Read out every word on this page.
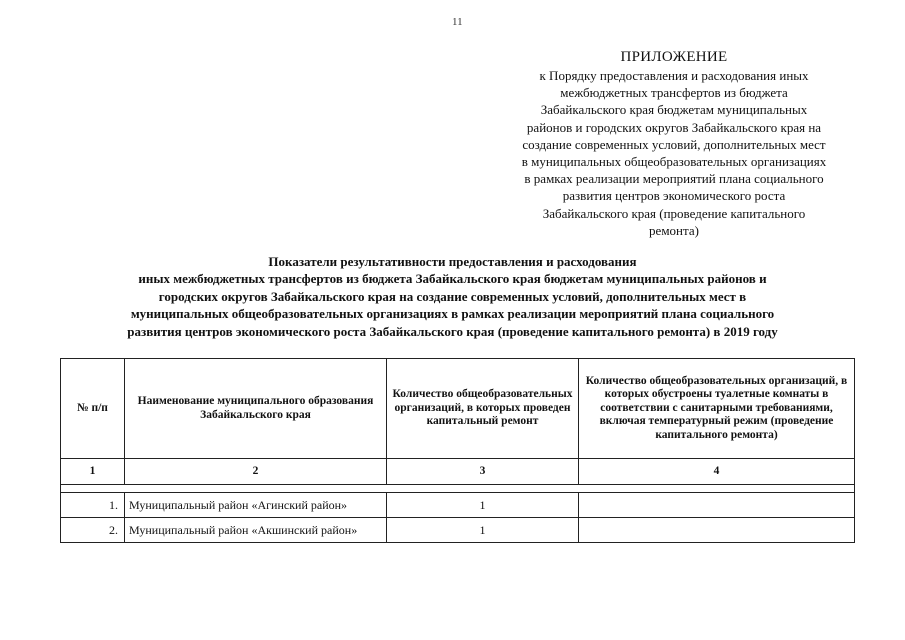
11
ПРИЛОЖЕНИЕ
к Порядку предоставления и расходования иных
межбюджетных трансфертов из бюджета
Забайкальского края бюджетам муниципальных
районов и городских округов Забайкальского края на
создание современных условий, дополнительных мест
в муниципальных общеобразовательных организациях
в рамках реализации мероприятий плана социального
развития центров экономического роста
Забайкальского края (проведение капитального
ремонта)
Показатели результативности предоставления и расходования
иных межбюджетных трансфертов из бюджета Забайкальского края бюджетам муниципальных районов и
городских округов Забайкальского края на создание современных условий, дополнительных мест в
муниципальных общеобразовательных организациях в рамках реализации мероприятий плана социального
развития центров экономического роста Забайкальского края (проведение капитального ремонта) в 2019 году
№ п/п	Наименование муниципального образования Забайкальского края	Количество общеобразовательных организаций, в которых проведен капитальный ремонт	Количество общеобразовательных организаций, в которых обустроены туалетные комнаты в соответствии с санитарными требованиями, включая температурный режим (проведение капитального ремонта)
1	2	3	4

1.	Муниципальный район «Агинский район»	1	
2.	Муниципальный район «Акшинский район»	1	
